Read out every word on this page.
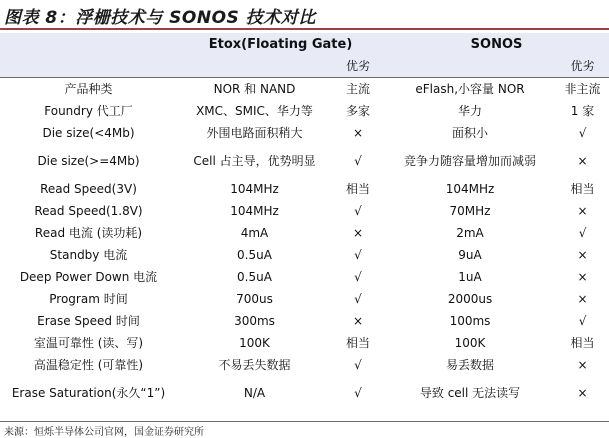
图表 8：浮栅技术与 SONOS 技术对比
	Etox(Floating Gate)		SONOS	
		优劣		优劣
产品种类	NOR 和 NAND	主流	eFlash,小容量 NOR	非主流
Foundry 代工厂	XMC、SMIC、华力等	多家	华力	1 家
Die size(<4Mb)	外围电路面积稍大	×	面积小	√
Die size(>=4Mb)	Cell 占主导，优势明显	√	竞争力随容量增加而减弱	×
Read Speed(3V)	104MHz	相当	104MHz	相当
Read Speed(1.8V)	104MHz	√	70MHz	×
Read 电流 (读功耗)	4mA	×	2mA	√
Standby 电流	0.5uA	√	9uA	×
Deep Power Down 电流	0.5uA	√	1uA	×
Program 时间	700us	√	2000us	×
Erase Speed 时间	300ms	×	100ms	√
室温可靠性 (读、写)	100K	相当	100K	相当
高温稳定性 (可靠性)	不易丢失数据	√	易丢数据	×
Erase Saturation(永久“1”)	N/A	√	导致 cell 无法读写	×
来源：恒烁半导体公司官网，国金证券研究所
